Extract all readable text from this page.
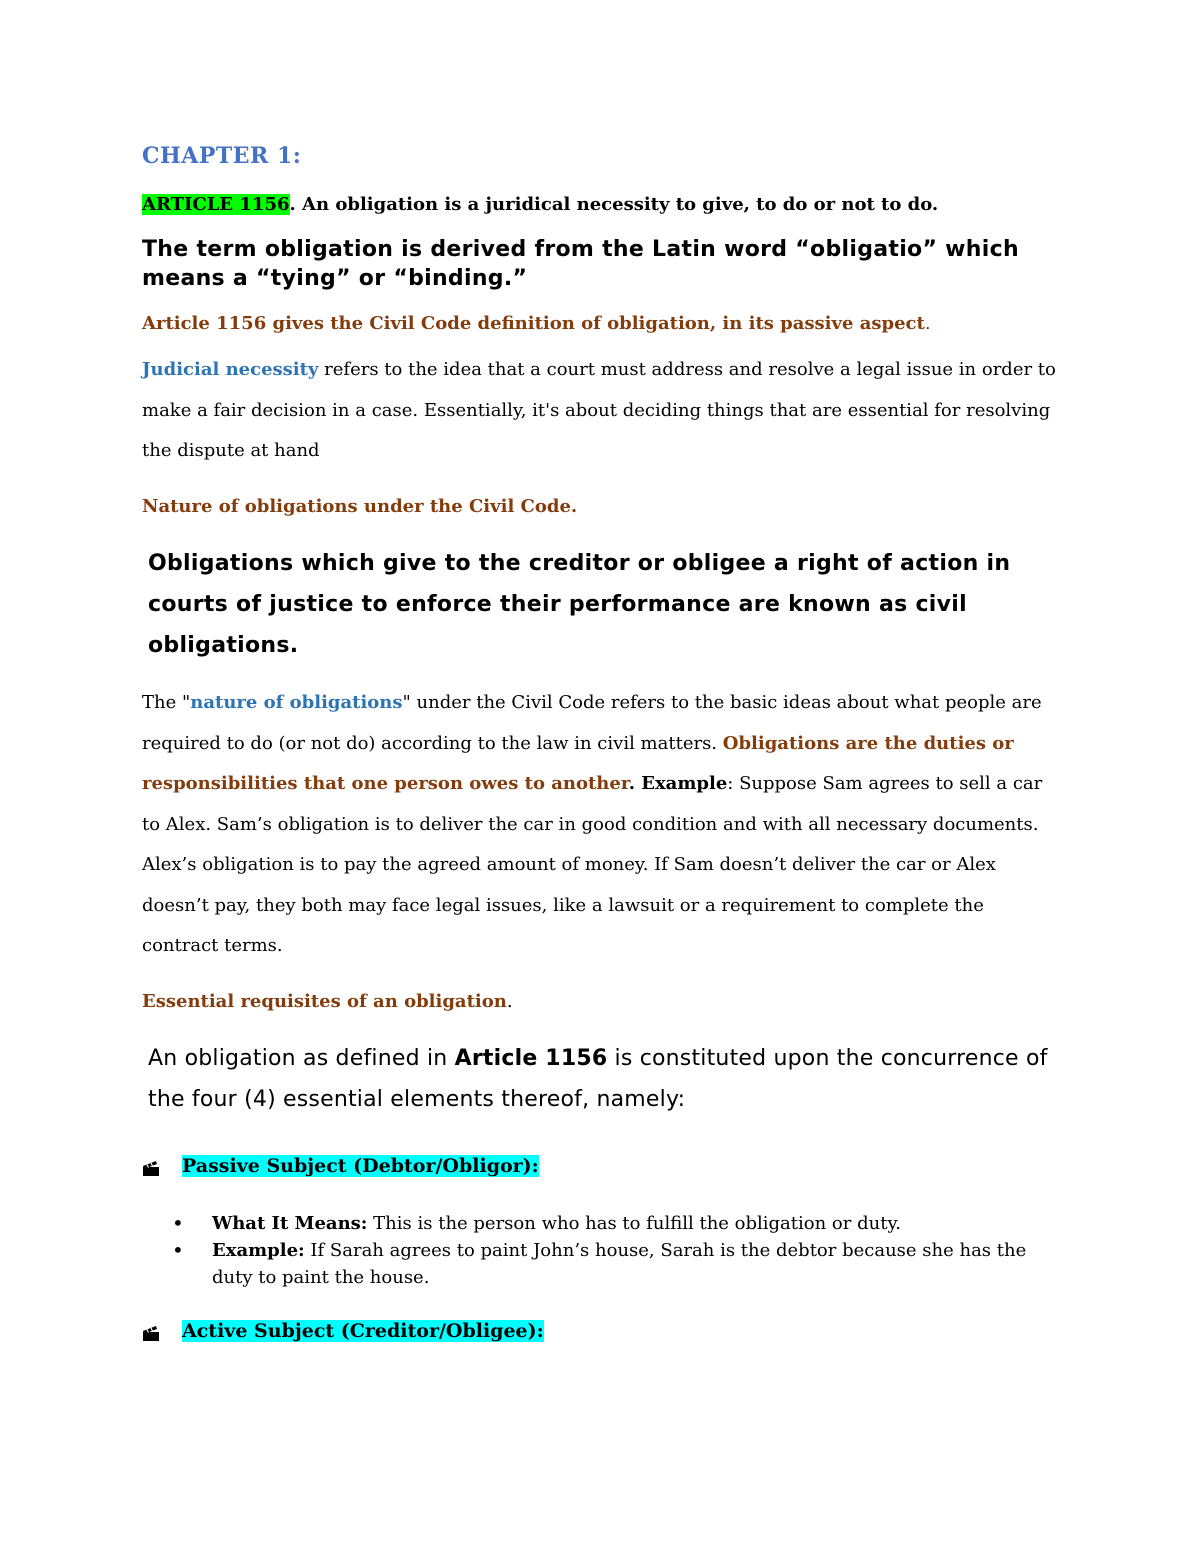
CHAPTER 1:

ARTICLE 1156. An obligation is a juridical necessity to give, to do or not to do.

The term obligation is derived from the Latin word “obligatio” which means a “tying” or “binding.”

Article 1156 gives the Civil Code definition of obligation, in its passive aspect.

Judicial necessity refers to the idea that a court must address and resolve a legal issue in order to make a fair decision in a case. Essentially, it's about deciding things that are essential for resolving the dispute at hand

Nature of obligations under the Civil Code.

Obligations which give to the creditor or obligee a right of action in courts of justice to enforce their performance are known as civil obligations.

The "nature of obligations" under the Civil Code refers to the basic ideas about what people are required to do (or not do) according to the law in civil matters. Obligations are the duties or responsibilities that one person owes to another. Example: Suppose Sam agrees to sell a car to Alex. Sam’s obligation is to deliver the car in good condition and with all necessary documents. Alex’s obligation is to pay the agreed amount of money. If Sam doesn’t deliver the car or Alex doesn’t pay, they both may face legal issues, like a lawsuit or a requirement to complete the contract terms.

Essential requisites of an obligation.

An obligation as defined in Article 1156 is constituted upon the concurrence of the four (4) essential elements thereof, namely:

Passive Subject (Debtor/Obligor):
• What It Means: This is the person who has to fulfill the obligation or duty.
• Example: If Sarah agrees to paint John’s house, Sarah is the debtor because she has the duty to paint the house.
Active Subject (Creditor/Obligee):
